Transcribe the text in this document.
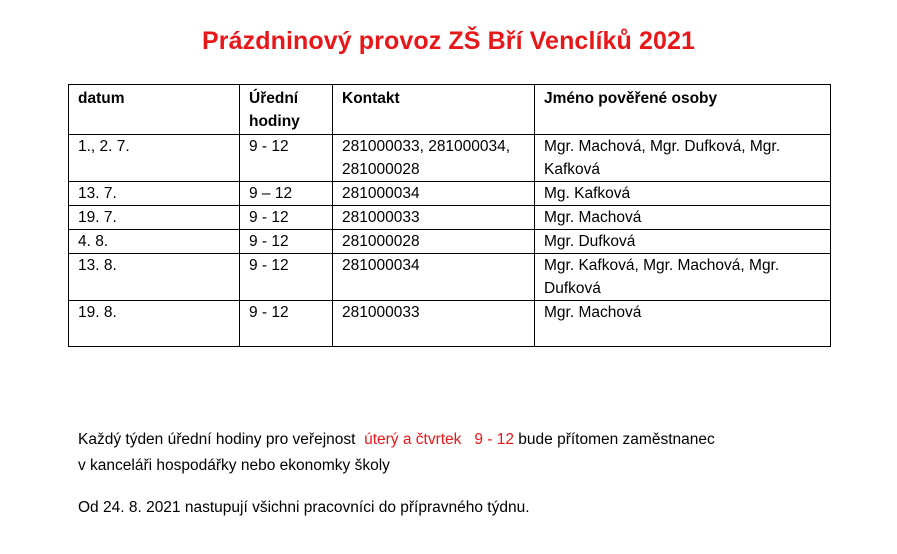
Prázdninový provoz ZŠ Bří Venclíků 2021
datum	Úřední hodiny	Kontakt	Jméno pověřené osoby
1., 2. 7.	9 - 12	281000033, 281000034, 281000028	Mgr. Machová, Mgr. Dufková, Mgr. Kafková
13. 7.	9 – 12	281000034	Mg. Kafková
19. 7.	9 - 12	281000033	Mgr. Machová
4. 8.	9 - 12	281000028	Mgr. Dufková
13. 8.	9 - 12	281000034	Mgr. Kafková, Mgr. Machová, Mgr. Dufková
19. 8.	9 - 12	281000033	Mgr. Machová
Každý týden úřední hodiny pro veřejnost úterý a čtvrtek 9 - 12 bude přítomen zaměstnanec
v kanceláři hospodářky nebo ekonomky školy
Od 24. 8. 2021 nastupují všichni pracovníci do přípravného týdnu.
